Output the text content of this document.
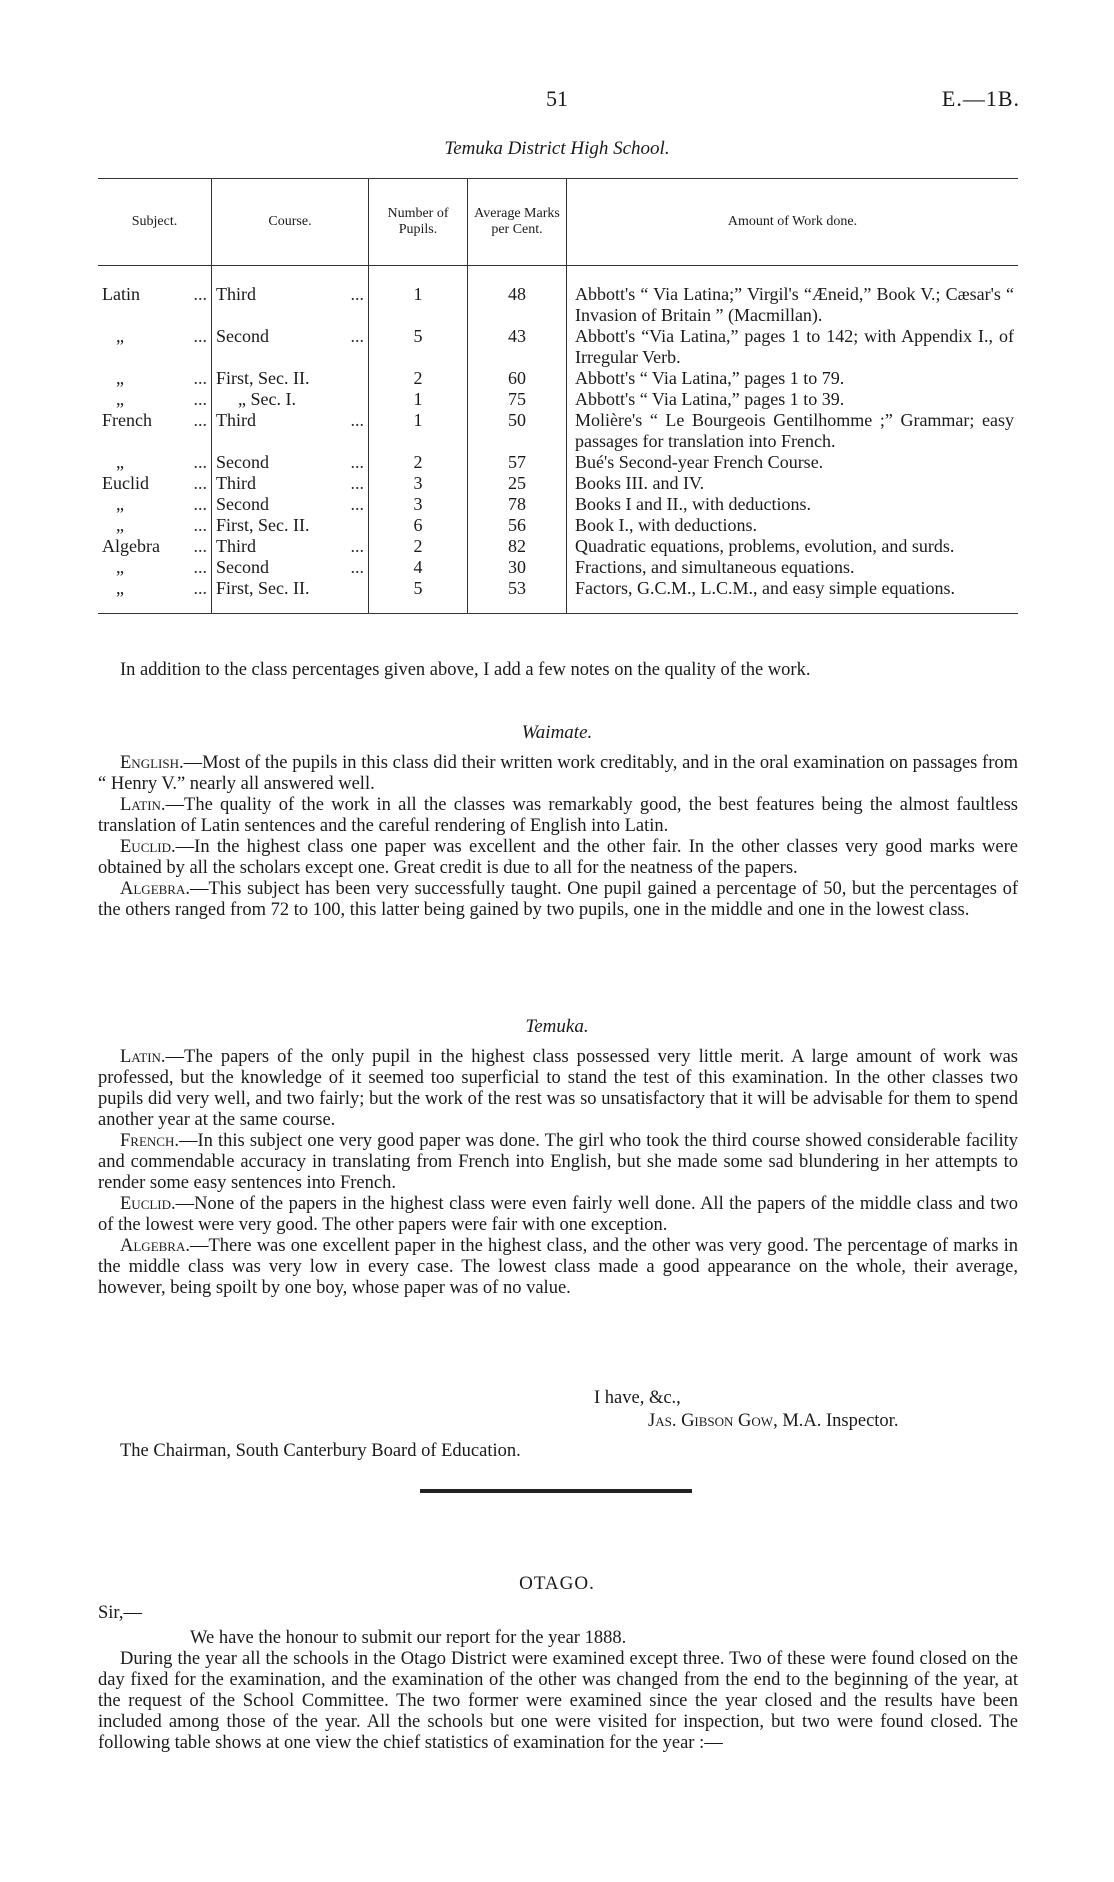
51	E.—1B.
Temuka District High School.
Subject.	Course.	Number of Pupils.	Average Marks per Cent.	Amount of Work done.

Latin ...	Third ...	1	48	Abbott's “ Via Latina;” Virgil's “Æneid,” Book V.; Cæsar's “ Invasion of Britain ” (Macmillan).

„ ...	Second ...	5	43	Abbott's “Via Latina,” pages 1 to 142; with Appendix I., of Irregular Verb.

„ ...	First, Sec. II.	2	60	Abbott's “ Via Latina,” pages 1 to 79.

„ ...	„ Sec. I.	1	75	Abbott's “ Via Latina,” pages 1 to 39.

French ...	Third ...	1	50	Molière's “ Le Bourgeois Gentilhomme ;” Grammar; easy passages for translation into French.

„ ...	Second ...	2	57	Bué's Second-year French Course.

Euclid ...	Third ...	3	25	Books III. and IV.

„ ...	Second ...	3	78	Books I and II., with deductions.

„ ...	First, Sec. II.	6	56	Book I., with deductions.

Algebra ...	Third ...	2	82	Quadratic equations, problems, evolution, and surds.

„ ...	Second ...	4	30	Fractions, and simultaneous equations.

„ ...	First, Sec. II.	5	53	Factors, G.C.M., L.C.M., and easy simple equations.

In addition to the class percentages given above, I add a few notes on the quality of the work.

Waimate.

English.—Most of the pupils in this class did their written work creditably, and in the oral examination on passages from “ Henry V.” nearly all answered well.

Latin.—The quality of the work in all the classes was remarkably good, the best features being the almost faultless translation of Latin sentences and the careful rendering of English into Latin.

Euclid.—In the highest class one paper was excellent and the other fair. In the other classes very good marks were obtained by all the scholars except one. Great credit is due to all for the neatness of the papers.

Algebra.—This subject has been very successfully taught. One pupil gained a percentage of 50, but the percentages of the others ranged from 72 to 100, this latter being gained by two pupils, one in the middle and one in the lowest class.

Temuka.

Latin.—The papers of the only pupil in the highest class possessed very little merit. A large amount of work was professed, but the knowledge of it seemed too superficial to stand the test of this examination. In the other classes two pupils did very well, and two fairly; but the work of the rest was so unsatisfactory that it will be advisable for them to spend another year at the same course.

French.—In this subject one very good paper was done. The girl who took the third course showed considerable facility and commendable accuracy in translating from French into English, but she made some sad blundering in her attempts to render some easy sentences into French.

Euclid.—None of the papers in the highest class were even fairly well done. All the papers of the middle class and two of the lowest were very good. The other papers were fair with one exception.

Algebra.—There was one excellent paper in the highest class, and the other was very good. The percentage of marks in the middle class was very low in every case. The lowest class made a good appearance on the whole, their average, however, being spoilt by one boy, whose paper was of no value.

I have, &c.,
Jas. Gibson Gow, M.A. Inspector.
The Chairman, South Canterbury Board of Education.
OTAGO.
Sir,—

We have the honour to submit our report for the year 1888.

During the year all the schools in the Otago District were examined except three. Two of these were found closed on the day fixed for the examination, and the examination of the other was changed from the end to the beginning of the year, at the request of the School Committee. The two former were examined since the year closed and the results have been included among those of the year. All the schools but one were visited for inspection, but two were found closed. The following table shows at one view the chief statistics of examination for the year :—
